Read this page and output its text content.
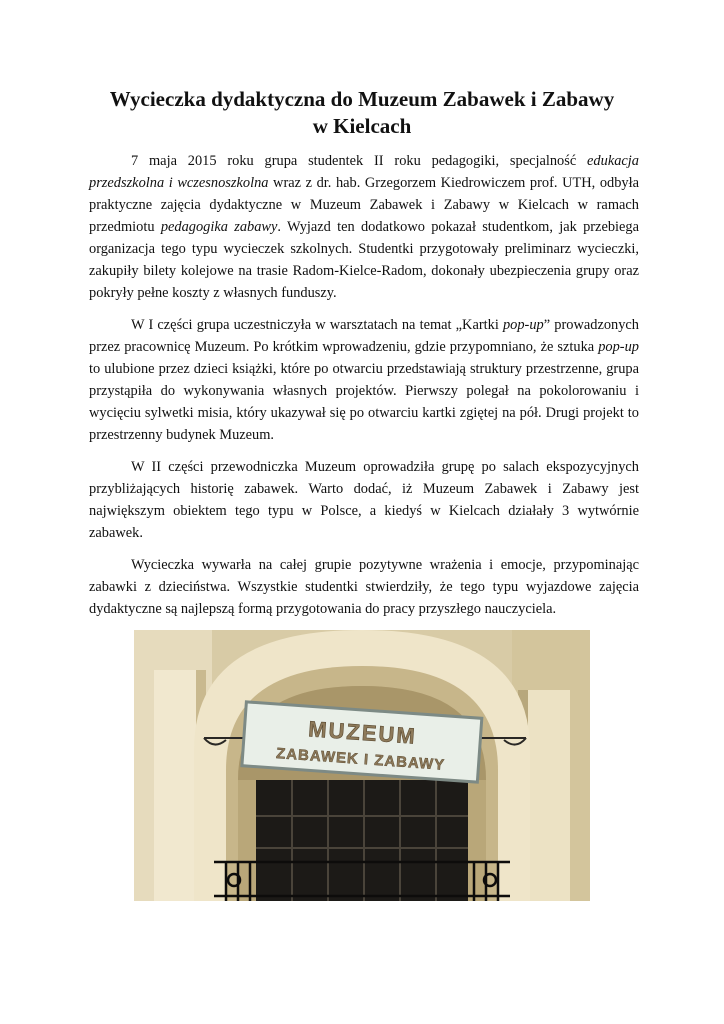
Wycieczka dydaktyczna do Muzeum Zabawek i Zabawy
w Kielcach

7 maja 2015 roku grupa studentek II roku pedagogiki, specjalność edukacja przedszkolna i wczesnoszkolna wraz z dr. hab. Grzegorzem Kiedrowiczem prof. UTH, odbyła praktyczne zajęcia dydaktyczne w Muzeum Zabawek i Zabawy w Kielcach w ramach przedmiotu pedagogika zabawy. Wyjazd ten dodatkowo pokazał studentkom, jak przebiega organizacja tego typu wycieczek szkolnych. Studentki przygotowały preliminarz wycieczki, zakupiły bilety kolejowe na trasie Radom-Kielce-Radom, dokonały ubezpieczenia grupy oraz pokryły pełne koszty z własnych funduszy.

W I części grupa uczestniczyła w warsztatach na temat „Kartki pop-up” prowadzonych przez pracownicę Muzeum. Po krótkim wprowadzeniu, gdzie przypomniano, że sztuka pop-up to ulubione przez dzieci książki, które po otwarciu przedstawiają struktury przestrzenne, grupa przystąpiła do wykonywania własnych projektów. Pierwszy polegał na pokolorowaniu i wycięciu sylwetki misia, który ukazywał się po otwarciu kartki zgiętej na pół. Drugi projekt to przestrzenny budynek Muzeum.

W II części przewodniczka Muzeum oprowadziła grupę po salach ekspozycyjnych przybliżających historię zabawek. Warto dodać, iż Muzeum Zabawek i Zabawy jest największym obiektem tego typu w Polsce, a kiedyś w Kielcach działały 3 wytwórnie zabawek.

Wycieczka wywarła na całej grupie pozytywne wrażenia i emocje, przypominając zabawki z dzieciństwa. Wszystkie studentki stwierdziły, że tego typu wyjazdowe zajęcia dydaktyczne są najlepszą formą przygotowania do pracy przyszłego nauczyciela.

MUZEUM
ZABAWEK I ZABAWY
